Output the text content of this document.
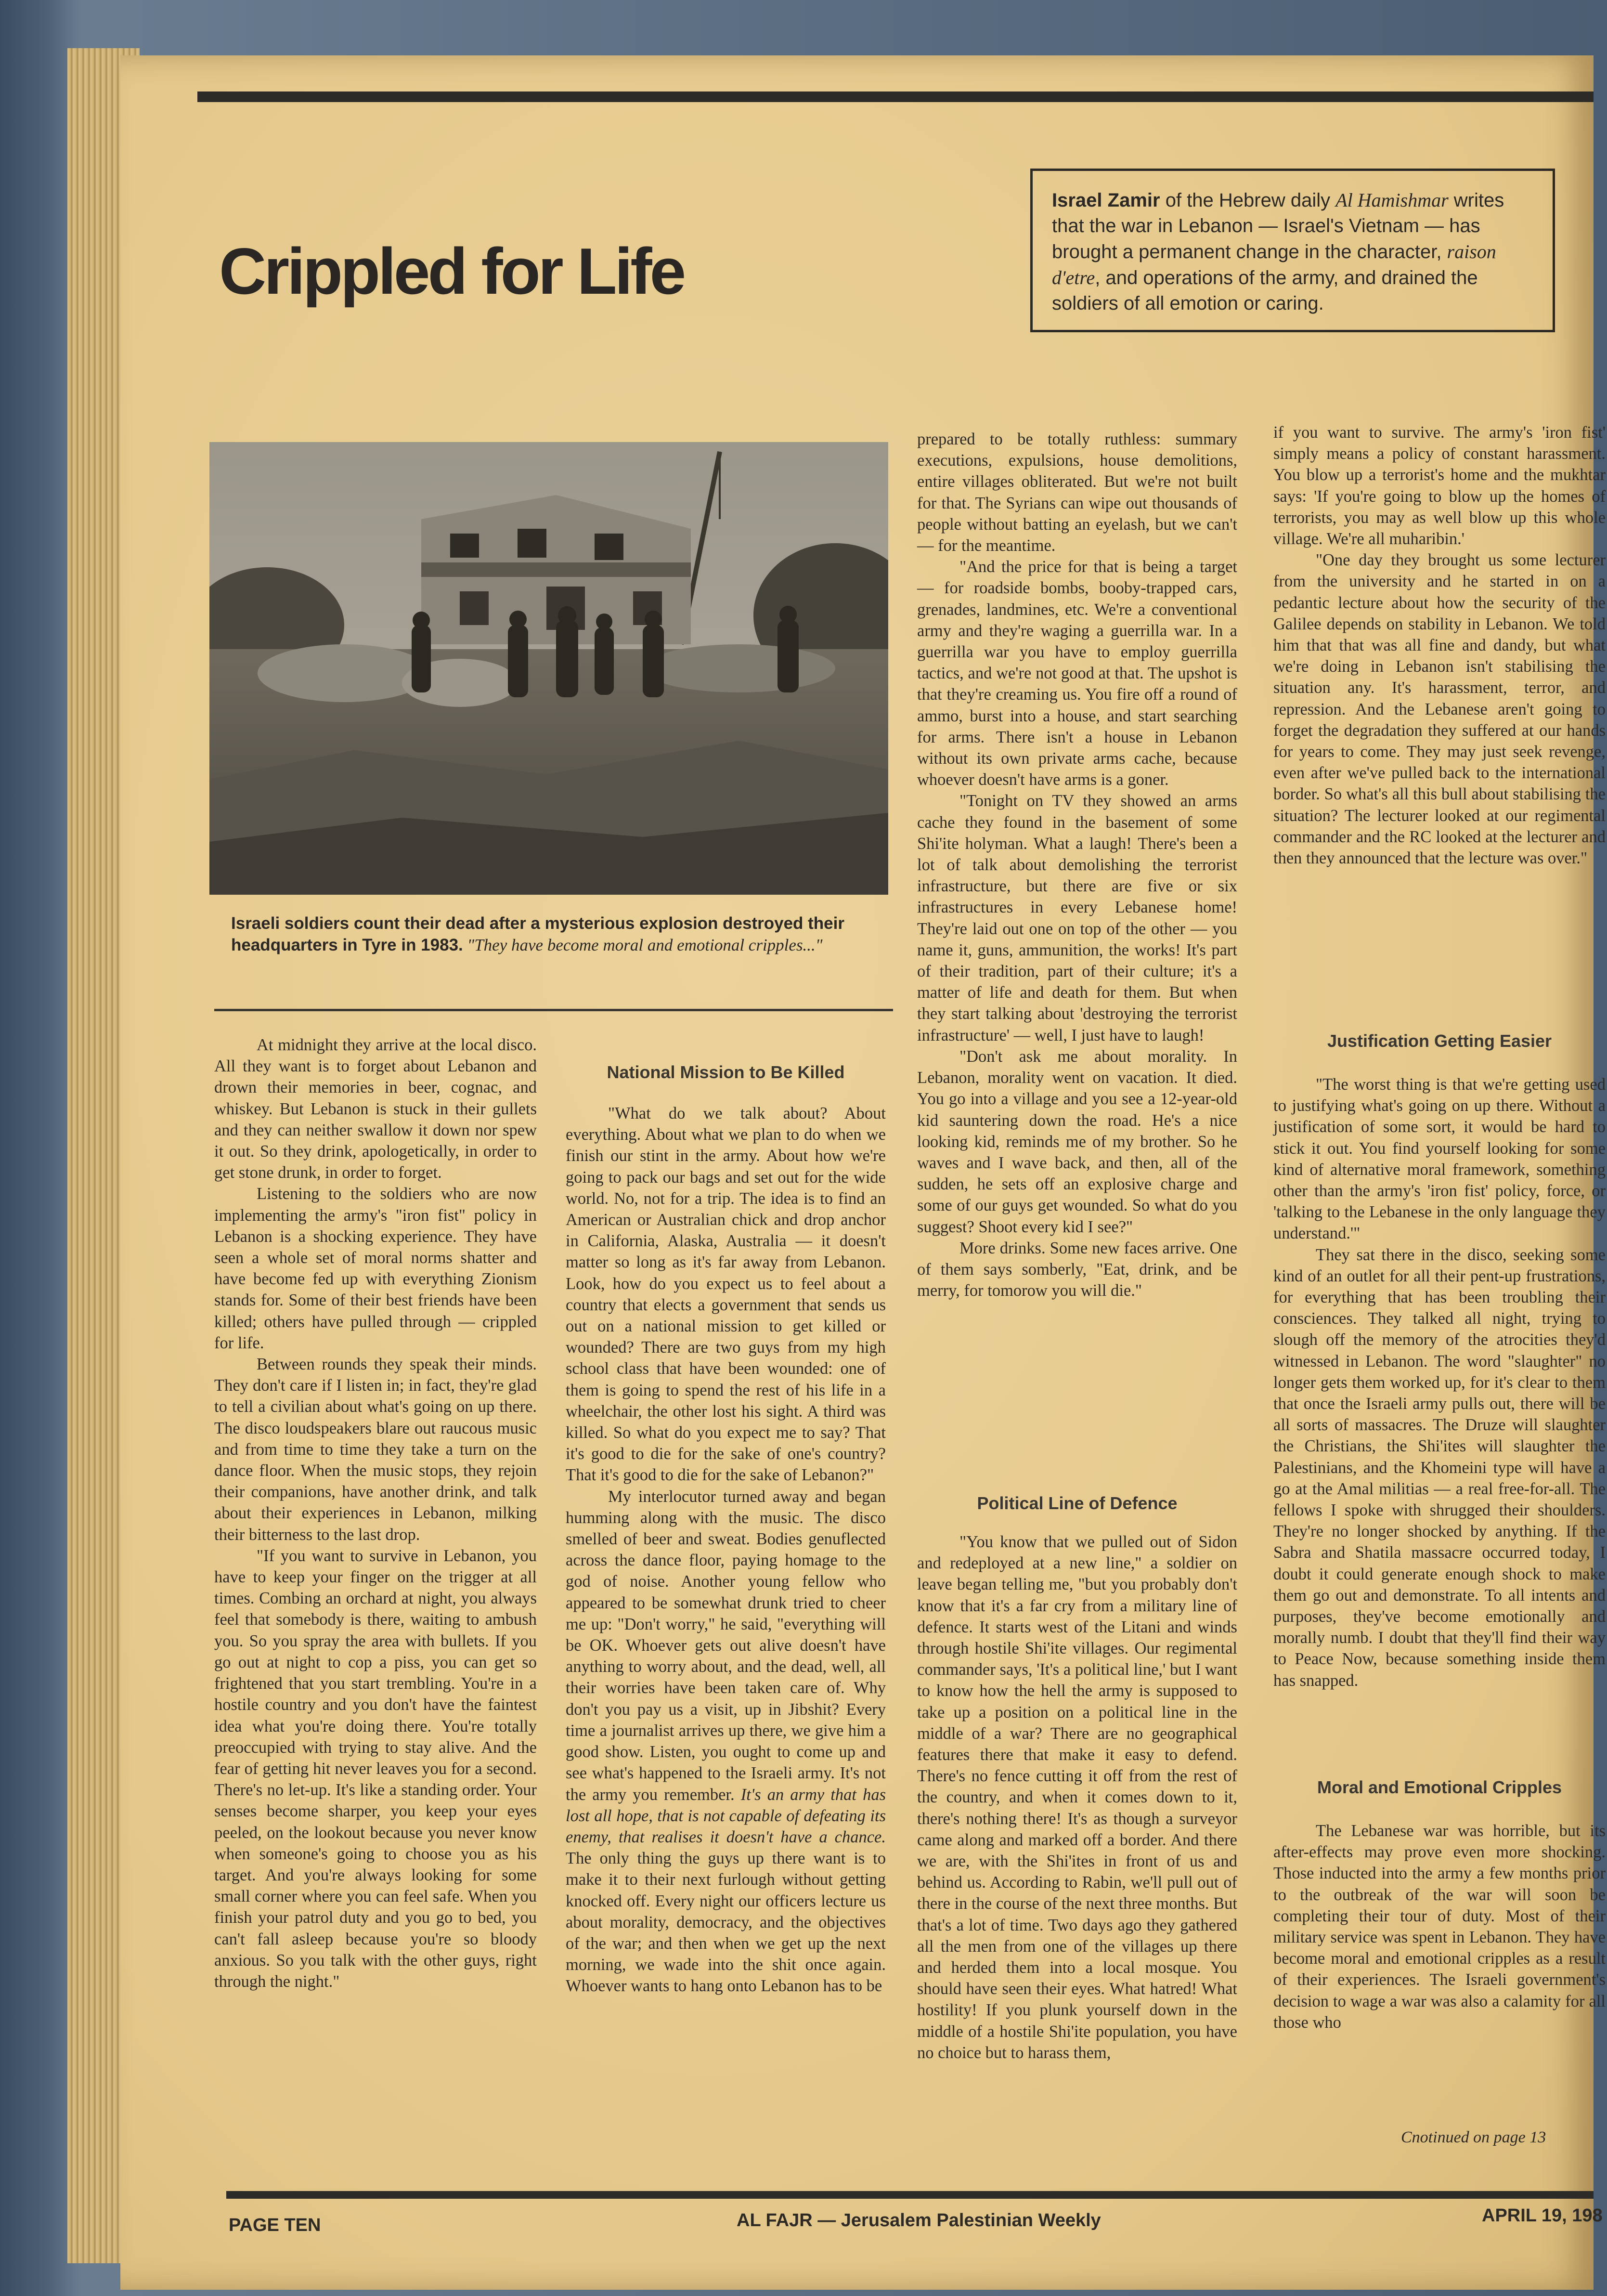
Crippled for Life
Israel Zamir of the Hebrew daily Al Hamishmar writes that the war in Lebanon — Israel's Vietnam — has brought a permanent change in the character, raison d'etre, and operations of the army, and drained the soldiers of all emotion or caring.
Israeli soldiers count their dead after a mysterious explosion destroyed their headquarters in Tyre in 1983. "They have become moral and emotional cripples..."

At midnight they arrive at the local disco. All they want is to forget about Lebanon and drown their memories in beer, cognac, and whiskey. But Lebanon is stuck in their gullets and they can neither swallow it down nor spew it out. So they drink, apologetically, in order to get stone drunk, in order to forget.

Listening to the soldiers who are now implementing the army's "iron fist" policy in Lebanon is a shocking experience. They have seen a whole set of moral norms shatter and have become fed up with everything Zionism stands for. Some of their best friends have been killed; others have pulled through — crippled for life.

Between rounds they speak their minds. They don't care if I listen in; in fact, they're glad to tell a civilian about what's going on up there. The disco loudspeakers blare out raucous music and from time to time they take a turn on the dance floor. When the music stops, they rejoin their companions, have another drink, and talk about their experiences in Lebanon, milking their bitterness to the last drop.

"If you want to survive in Lebanon, you have to keep your finger on the trigger at all times. Combing an orchard at night, you always feel that somebody is there, waiting to ambush you. So you spray the area with bullets. If you go out at night to cop a piss, you can get so frightened that you start trembling. You're in a hostile country and you don't have the faintest idea what you're doing there. You're totally preoccupied with trying to stay alive. And the fear of getting hit never leaves you for a second. There's no let-up. It's like a standing order. Your senses become sharper, you keep your eyes peeled, on the lookout because you never know when someone's going to choose you as his target. And you're always looking for some small corner where you can feel safe. When you finish your patrol duty and you go to bed, you can't fall asleep because you're so bloody anxious. So you talk with the other guys, right through the night."

National Mission to Be Killed

"What do we talk about? About everything. About what we plan to do when we finish our stint in the army. About how we're going to pack our bags and set out for the wide world. No, not for a trip. The idea is to find an American or Australian chick and drop anchor in California, Alaska, Australia — it doesn't matter so long as it's far away from Lebanon. Look, how do you expect us to feel about a country that elects a government that sends us out on a national mission to get killed or wounded? There are two guys from my high school class that have been wounded: one of them is going to spend the rest of his life in a wheelchair, the other lost his sight. A third was killed. So what do you expect me to say? That it's good to die for the sake of one's country? That it's good to die for the sake of Lebanon?"

My interlocutor turned away and began humming along with the music. The disco smelled of beer and sweat. Bodies genuflected across the dance floor, paying homage to the god of noise. Another young fellow who appeared to be somewhat drunk tried to cheer me up: "Don't worry," he said, "everything will be OK. Whoever gets out alive doesn't have anything to worry about, and the dead, well, all their worries have been taken care of. Why don't you pay us a visit, up in Jibshit? Every time a journalist arrives up there, we give him a good show. Listen, you ought to come up and see what's happened to the Israeli army. It's not the army you remember. It's an army that has lost all hope, that is not capable of defeating its enemy, that realises it doesn't have a chance. The only thing the guys up there want is to make it to their next furlough without getting knocked off. Every night our officers lecture us about morality, democracy, and the objectives of the war; and then when we get up the next morning, we wade into the shit once again. Whoever wants to hang onto Lebanon has to be

prepared to be totally ruthless: summary executions, expulsions, house demolitions, entire villages obliterated. But we're not built for that. The Syrians can wipe out thousands of people without batting an eyelash, but we can't — for the meantime.

"And the price for that is being a target — for roadside bombs, booby-trapped cars, grenades, landmines, etc. We're a conventional army and they're waging a guerrilla war. In a guerrilla war you have to employ guerrilla tactics, and we're not good at that. The upshot is that they're creaming us. You fire off a round of ammo, burst into a house, and start searching for arms. There isn't a house in Lebanon without its own private arms cache, because whoever doesn't have arms is a goner.

"Tonight on TV they showed an arms cache they found in the basement of some Shi'ite holyman. What a laugh! There's been a lot of talk about demolishing the terrorist infrastructure, but there are five or six infrastructures in every Lebanese home! They're laid out one on top of the other — you name it, guns, ammunition, the works! It's part of their tradition, part of their culture; it's a matter of life and death for them. But when they start talking about 'destroying the terrorist infrastructure' — well, I just have to laugh!

"Don't ask me about morality. In Lebanon, morality went on vacation. It died. You go into a village and you see a 12-year-old kid sauntering down the road. He's a nice looking kid, reminds me of my brother. So he waves and I wave back, and then, all of the sudden, he sets off an explosive charge and some of our guys get wounded. So what do you suggest? Shoot every kid I see?"

More drinks. Some new faces arrive. One of them says somberly, "Eat, drink, and be merry, for tomorow you will die."

Political Line of Defence

"You know that we pulled out of Sidon and redeployed at a new line," a soldier on leave began telling me, "but you probably don't know that it's a far cry from a military line of defence. It starts west of the Litani and winds through hostile Shi'ite villages. Our regimental commander says, 'It's a political line,' but I want to know how the hell the army is supposed to take up a position on a political line in the middle of a war? There are no geographical features there that make it easy to defend. There's no fence cutting it off from the rest of the country, and when it comes down to it, there's nothing there! It's as though a surveyor came along and marked off a border. And there we are, with the Shi'ites in front of us and behind us. According to Rabin, we'll pull out of there in the course of the next three months. But that's a lot of time. Two days ago they gathered all the men from one of the villages up there and herded them into a local mosque. You should have seen their eyes. What hatred! What hostility! If you plunk yourself down in the middle of a hostile Shi'ite population, you have no choice but to harass them,

if you want to survive. The army's 'iron fist' simply means a policy of constant harassment. You blow up a terrorist's home and the mukhtar says: 'If you're going to blow up the homes of terrorists, you may as well blow up this whole village. We're all muharibin.'

"One day they brought us some lecturer from the university and he started in on a pedantic lecture about how the security of the Galilee depends on stability in Lebanon. We told him that that was all fine and dandy, but what we're doing in Lebanon isn't stabilising the situation any. It's harassment, terror, and repression. And the Lebanese aren't going to forget the degradation they suffered at our hands for years to come. They may just seek revenge, even after we've pulled back to the international border. So what's all this bull about stabilising the situation? The lecturer looked at our regimental commander and the RC looked at the lecturer and then they announced that the lecture was over."

Justification Getting Easier

"The worst thing is that we're getting used to justifying what's going on up there. Without a justification of some sort, it would be hard to stick it out. You find yourself looking for some kind of alternative moral framework, something other than the army's 'iron fist' policy, force, or 'talking to the Lebanese in the only language they understand.'"

They sat there in the disco, seeking some kind of an outlet for all their pent-up frustrations, for everything that has been troubling their consciences. They talked all night, trying to slough off the memory of the atrocities they'd witnessed in Lebanon. The word "slaughter" no longer gets them worked up, for it's clear to them that once the Israeli army pulls out, there will be all sorts of massacres. The Druze will slaughter the Christians, the Shi'ites will slaughter the Palestinians, and the Khomeini type will have a go at the Amal militias — a real free-for-all. The fellows I spoke with shrugged their shoulders. They're no longer shocked by anything. If the Sabra and Shatila massacre occurred today, I doubt it could generate enough shock to make them go out and demonstrate. To all intents and purposes, they've become emotionally and morally numb. I doubt that they'll find their way to Peace Now, because something inside them has snapped.

Moral and Emotional Cripples

The Lebanese war was horrible, but its after-effects may prove even more shocking. Those inducted into the army a few months prior to the outbreak of the war will soon be completing their tour of duty. Most of their military service was spent in Lebanon. They have become moral and emotional cripples as a result of their experiences. The Israeli government's decision to wage a war was also a calamity for all those who

Cnotinued on page 13
PAGE TEN	AL FAJR — Jerusalem Palestinian Weekly	APRIL 19, 198
